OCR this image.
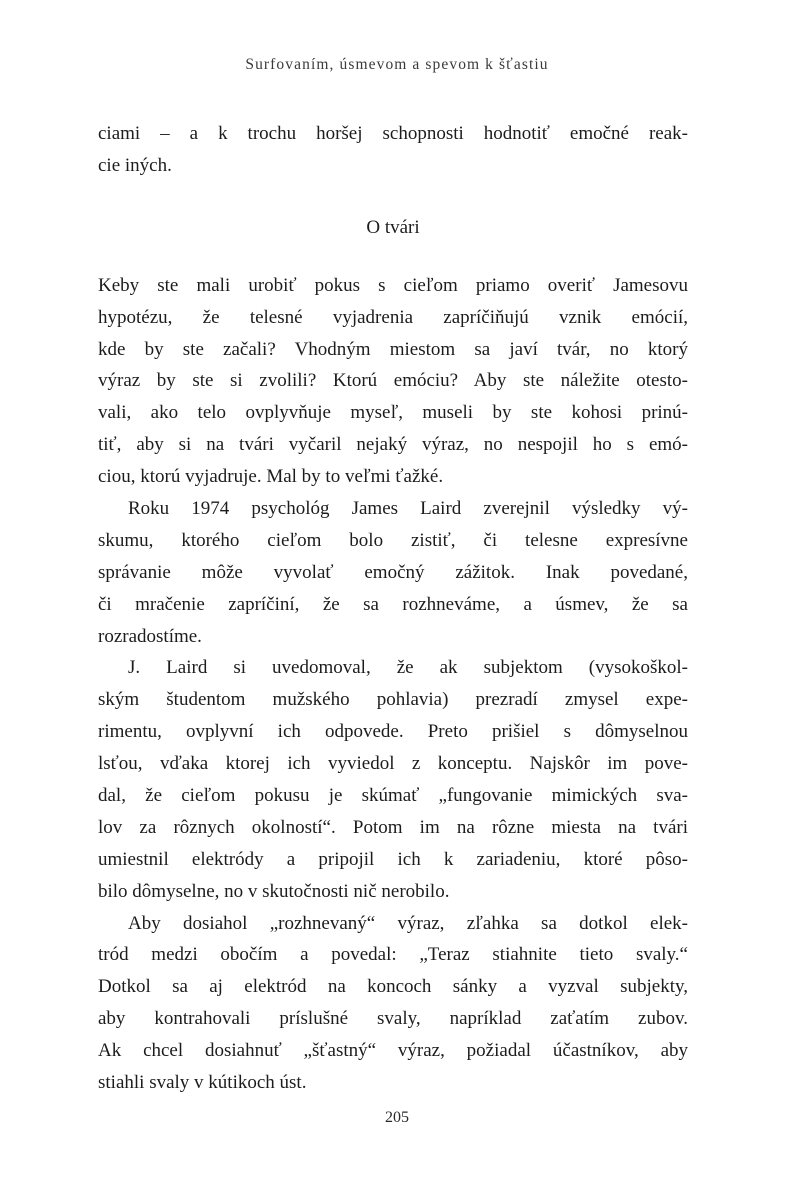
Surfovaním, úsmevom a spevom k šťastiu
ciami – a k trochu horšej schopnosti hodnotiť emočné reak-
cie iných.
O tvári
Keby ste mali urobiť pokus s cieľom priamo overiť Jamesovu
hypotézu, že telesné vyjadrenia zapríčiňujú vznik emócií,
kde by ste začali? Vhodným miestom sa javí tvár, no ktorý
výraz by ste si zvolili? Ktorú emóciu? Aby ste náležite otesto-
vali, ako telo ovplyvňuje myseľ, museli by ste kohosi prinú-
tiť, aby si na tvári vyčaril nejaký výraz, no nespojil ho s emó-
ciou, ktorú vyjadruje. Mal by to veľmi ťažké.
Roku 1974 psychológ James Laird zverejnil výsledky vý-
skumu, ktorého cieľom bolo zistiť, či telesne expresívne
správanie môže vyvolať emočný zážitok. Inak povedané,
či mračenie zapríčiní, že sa rozhneváme, a úsmev, že sa
rozradostíme.
J. Laird si uvedomoval, že ak subjektom (vysokoškol-
ským študentom mužského pohlavia) prezradí zmysel expe-
rimentu, ovplyvní ich odpovede. Preto prišiel s dômyselnou
lsťou, vďaka ktorej ich vyviedol z konceptu. Najskôr im pove-
dal, že cieľom pokusu je skúmať „fungovanie mimických sva-
lov za rôznych okolností“. Potom im na rôzne miesta na tvári
umiestnil elektródy a pripojil ich k zariadeniu, ktoré pôso-
bilo dômyselne, no v skutočnosti nič nerobilo.
Aby dosiahol „rozhnevaný“ výraz, zľahka sa dotkol elek-
tród medzi obočím a povedal: „Teraz stiahnite tieto svaly.“
Dotkol sa aj elektród na koncoch sánky a vyzval subjekty,
aby kontrahovali príslušné svaly, napríklad zaťatím zubov.
Ak chcel dosiahnuť „šťastný“ výraz, požiadal účastníkov, aby
stiahli svaly v kútikoch úst.
205
